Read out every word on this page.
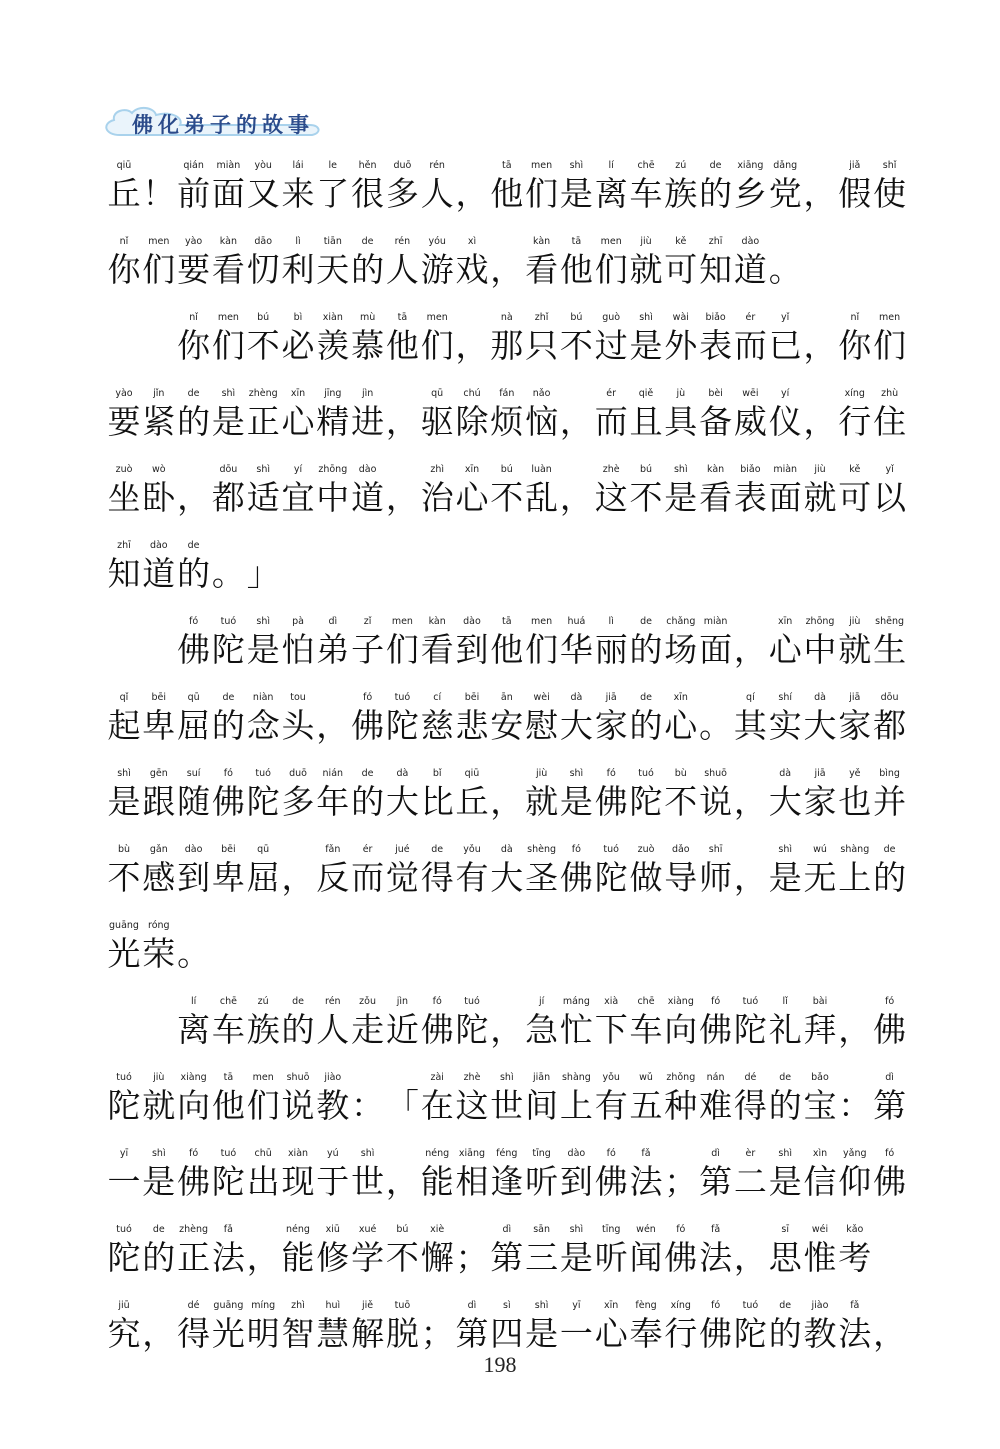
佛化弟子的故事
qiū
丘 ！
qián
前
miàn
面
yòu
又
lái
来
le
了
hěn
很
duō
多
rén
人 ，
tā
他
men
们
shì
是
lí
离
chē
车
zú
族
de
的
xiāng
乡
dǎng
党 ，
jiǎ
假
shǐ
使
nǐ
你
men
们
yào
要
kàn
看
dāo
忉
lì
利
tiān
天
de
的
rén
人
yóu
游
xì
戏 ，
kàn
看
tā
他
men
们
jiù
就
kě
可
zhī
知
dào
道 。
nǐ
你
men
们
bú
不
bì
必
xiàn
羡
mù
慕
tā
他
men
们 ，
nà
那
zhǐ
只
bú
不
guò
过
shì
是
wài
外
biǎo
表
ér
而
yǐ
已 ，
nǐ
你
men
们
yào
要
jǐn
紧
de
的
shì
是
zhèng
正
xīn
心
jīng
精
jìn
进 ，
qū
驱
chú
除
fán
烦
nǎo
恼 ，
ér
而
qiě
且
jù
具
bèi
备
wēi
威
yí
仪 ，
xíng
行
zhù
住
zuò
坐
wò
卧 ，
dōu
都
shì
适
yí
宜
zhōng
中
dào
道 ，
zhì
治
xīn
心
bú
不
luàn
乱 ，
zhè
这
bú
不
shì
是
kàn
看
biǎo
表
miàn
面
jiù
就
kě
可
yǐ
以
zhī
知
dào
道
de
的 。 」
fó
佛
tuó
陀
shì
是
pà
怕
dì
弟
zǐ
子
men
们
kàn
看
dào
到
tā
他
men
们
huá
华
lì
丽
de
的
chǎng
场
miàn
面 ，
xīn
心
zhōng
中
jiù
就
shēng
生
qǐ
起
bēi
卑
qū
屈
de
的
niàn
念
tou
头 ，
fó
佛
tuó
陀
cí
慈
bēi
悲
ān
安
wèi
慰
dà
大
jiā
家
de
的
xīn
心 。
qí
其
shí
实
dà
大
jiā
家
dōu
都
shì
是
gēn
跟
suí
随
fó
佛
tuó
陀
duō
多
nián
年
de
的
dà
大
bǐ
比
qiū
丘 ，
jiù
就
shì
是
fó
佛
tuó
陀
bù
不
shuō
说 ，
dà
大
jiā
家
yě
也
bìng
并
bù
不
gǎn
感
dào
到
bēi
卑
qū
屈 ，
fǎn
反
ér
而
jué
觉
de
得
yǒu
有
dà
大
shèng
圣
fó
佛
tuó
陀
zuò
做
dǎo
导
shī
师 ，
shì
是
wú
无
shàng
上
de
的
guāng
光
róng
荣 。
lí
离
chē
车
zú
族
de
的
rén
人
zǒu
走
jìn
近
fó
佛
tuó
陀 ，
jí
急
máng
忙
xià
下
chē
车
xiàng
向
fó
佛
tuó
陀
lǐ
礼
bài
拜 ，
fó
佛
tuó
陀
jiù
就
xiàng
向
tā
他
men
们
shuō
说
jiào
教 ： 「
zài
在
zhè
这
shì
世
jiān
间
shàng
上
yǒu
有
wǔ
五
zhǒng
种
nán
难
dé
得
de
的
bǎo
宝 ：
dì
第
yī
一
shì
是
fó
佛
tuó
陀
chū
出
xiàn
现
yú
于
shì
世 ，
néng
能
xiāng
相
féng
逢
tīng
听
dào
到
fó
佛
fǎ
法 ；
dì
第
èr
二
shì
是
xìn
信
yǎng
仰
fó
佛
tuó
陀
de
的
zhèng
正
fǎ
法 ，
néng
能
xiū
修
xué
学
bú
不
xiè
懈 ；
dì
第
sān
三
shì
是
tīng
听
wén
闻
fó
佛
fǎ
法 ，
sī
思
wéi
惟
kǎo
考
jiū
究 ，
dé
得
guāng
光
míng
明
zhì
智
huì
慧
jiě
解
tuō
脱 ；
dì
第
sì
四
shì
是
yī
一
xīn
心
fèng
奉
xíng
行
fó
佛
tuó
陀
de
的
jiào
教
fǎ
法 ，
198
